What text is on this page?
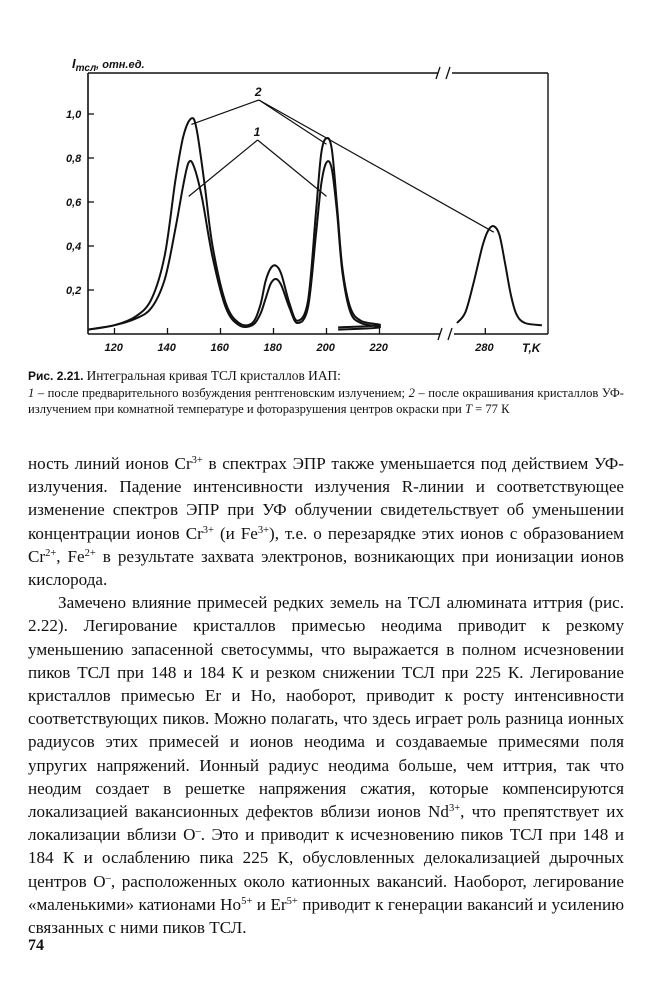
0,2
0,4
0,6
0,8
1,0
120	140	160	180	200	220	280
2
1
$I_{тсл}^{, отн.ед.}$
T,K
Рис. 2.21. Интегральная кривая ТСЛ кристаллов ИАП:
1 – после предварительного возбуждения рентгеновским излучением; 2 – после окрашивания кристаллов УФ-излучением при комнатной температуре и фоторазрушения центров окраски при T = 77 К

ность линий ионов $Cr^{3+}$ в спектрах ЭПР также уменьшается под действием УФ-излучения. Падение интенсивности излучения R-линии и соответствующее изменение спектров ЭПР при УФ облучении свидетельствует об уменьшении концентрации ионов $Cr^{3+}$ (и $Fe^{3+}$), т.е. о перезарядке этих ионов с образованием $Cr^{2+}$, $Fe^{2+}$ в результате захвата электронов, возникающих при ионизации ионов кислорода.

Замечено влияние примесей редких земель на ТСЛ алюмината иттрия (рис. 2.22). Легирование кристаллов примесью неодима приводит к резкому уменьшению запасенной светосуммы, что выражается в полном исчезновении пиков ТСЛ при 148 и 184 К и резком снижении ТСЛ при 225 К. Легирование кристаллов примесью Er и Ho, наоборот, приводит к росту интенсивности соответствующих пиков. Можно полагать, что здесь играет роль разница ионных радиусов этих примесей и ионов неодима и создаваемые примесями поля упругих напряжений. Ионный радиус неодима больше, чем иттрия, так что неодим создает в решетке напряжения сжатия, которые компенсируются локализацией вакансионных дефектов вблизи ионов $Nd^{3+}$, что препятствует их локализации вблизи O–. Это и приводит к исчезновению пиков ТСЛ при 148 и 184 К и ослаблению пика 225 К, обусловленных делокализацией дырочных центров O–, расположенных около катионных вакансий. Наоборот, легирование «маленькими» катионами $Ho^{5+}$ и $Er^{5+}$ приводит к генерации вакансий и усилению связанных с ними пиков ТСЛ.

74
